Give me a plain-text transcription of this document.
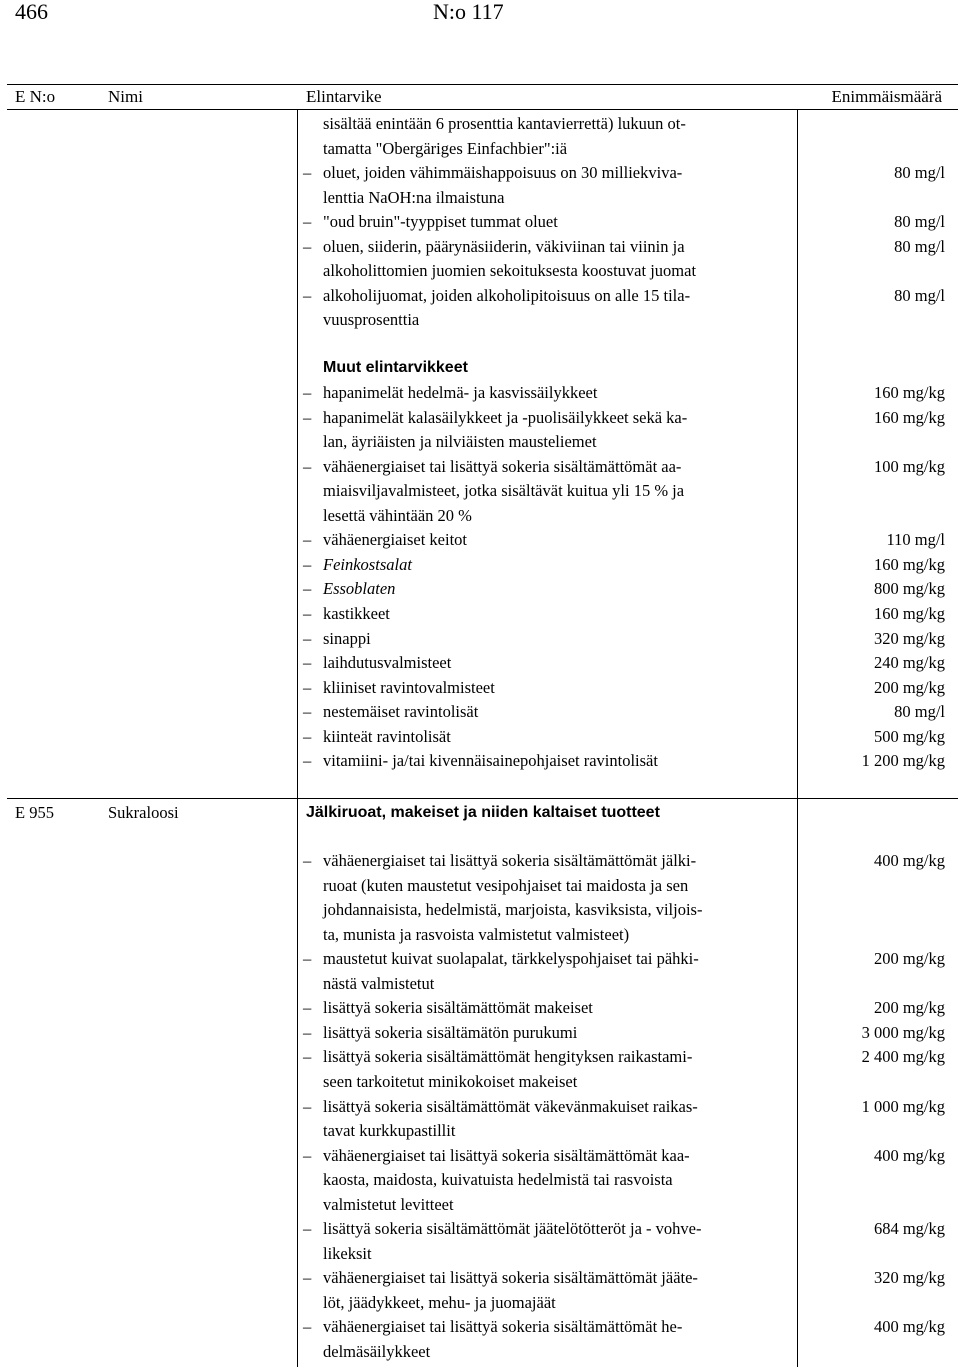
466	N:o 117
E N:o	Nimi	Elintarvike	Enimmäismäärä
sisältää enintään 6 prosenttia kantavierrettä) lukuun ot-
tamatta "Obergäriges Einfachbier":iä
– oluet, joiden vähimmäishappoisuus on 30 milliekvivа-	80 mg/l
lenttia NaOH:na ilmaistuna
– "oud bruin"-tyyppiset tummat oluet	80 mg/l
– oluen, siiderin, päärynäsiiderin, väkiviinan tai viinin ja	80 mg/l
alkoholittomien juomien sekoituksesta koostuvat juomat
– alkoholijuomat, joiden alkoholipitoisuus on alle 15 tila-	80 mg/l
vuusprosenttia
Muut elintarvikkeet
– hapanimelät hedelmä- ja kasvissäilykkeet	160 mg/kg
– hapanimelät kalasäilykkeet ja -puolisäilykkeet sekä ka-	160 mg/kg
lan, äyriäisten ja nilviäisten mausteliemet
– vähäenergiaiset tai lisättyä sokeria sisältämättömät aa-	100 mg/kg
miaisviljavalmisteet, jotka sisältävät kuitua yli 15 % ja
lesettä vähintään 20 %
– vähäenergiaiset keitot	110 mg/l
– Feinkostsalat	160 mg/kg
– Essoblaten	800 mg/kg
– kastikkeet	160 mg/kg
– sinappi	320 mg/kg
– laihdutusvalmisteet	240 mg/kg
– kliiniset ravintovalmisteet	200 mg/kg
– nestemäiset ravintolisät	80 mg/l
– kiinteät ravintolisät	500 mg/kg
– vitamiini- ja/tai kivennäisainepohjaiset ravintolisät	1 200 mg/kg
E 955	Sukraloosi	Jälkiruoat, makeiset ja niiden kaltaiset tuotteet
– vähäenergiaiset tai lisättyä sokeria sisältämättömät jälki-	400 mg/kg
ruoat (kuten maustetut vesipohjaiset tai maidosta ja sen
johdannaisista, hedelmistä, marjoista, kasviksista, viljois-
ta, munista ja rasvoista valmistetut valmisteet)
– maustetut kuivat suolapalat, tärkkelyspohjaiset tai pähki-	200 mg/kg
nästä valmistetut
– lisättyä sokeria sisältämättömät makeiset	200 mg/kg
– lisättyä sokeria sisältämätön purukumi	3 000 mg/kg
– lisättyä sokeria sisältämättömät hengityksen raikastami-	2 400 mg/kg
seen tarkoitetut minikokoiset makeiset
– lisättyä sokeria sisältämättömät väkevänmakuiset raikas-	1 000 mg/kg
tavat kurkkupastillit
– vähäenergiaiset tai lisättyä sokeria sisältämättömät kaa-	400 mg/kg
kaosta, maidosta, kuivatuista hedelmistä tai rasvoista
valmistetut levitteet
– lisättyä sokeria sisältämättömät jäätelötötteröt ja - vohve-	684 mg/kg
likeksit
– vähäenergiaiset tai lisättyä sokeria sisältämättömät jääte-	320 mg/kg
löt, jäädykkeet, mehu- ja juomajäät
– vähäenergiaiset tai lisättyä sokeria sisältämättömät he-	400 mg/kg
delmäsäilykkeet
